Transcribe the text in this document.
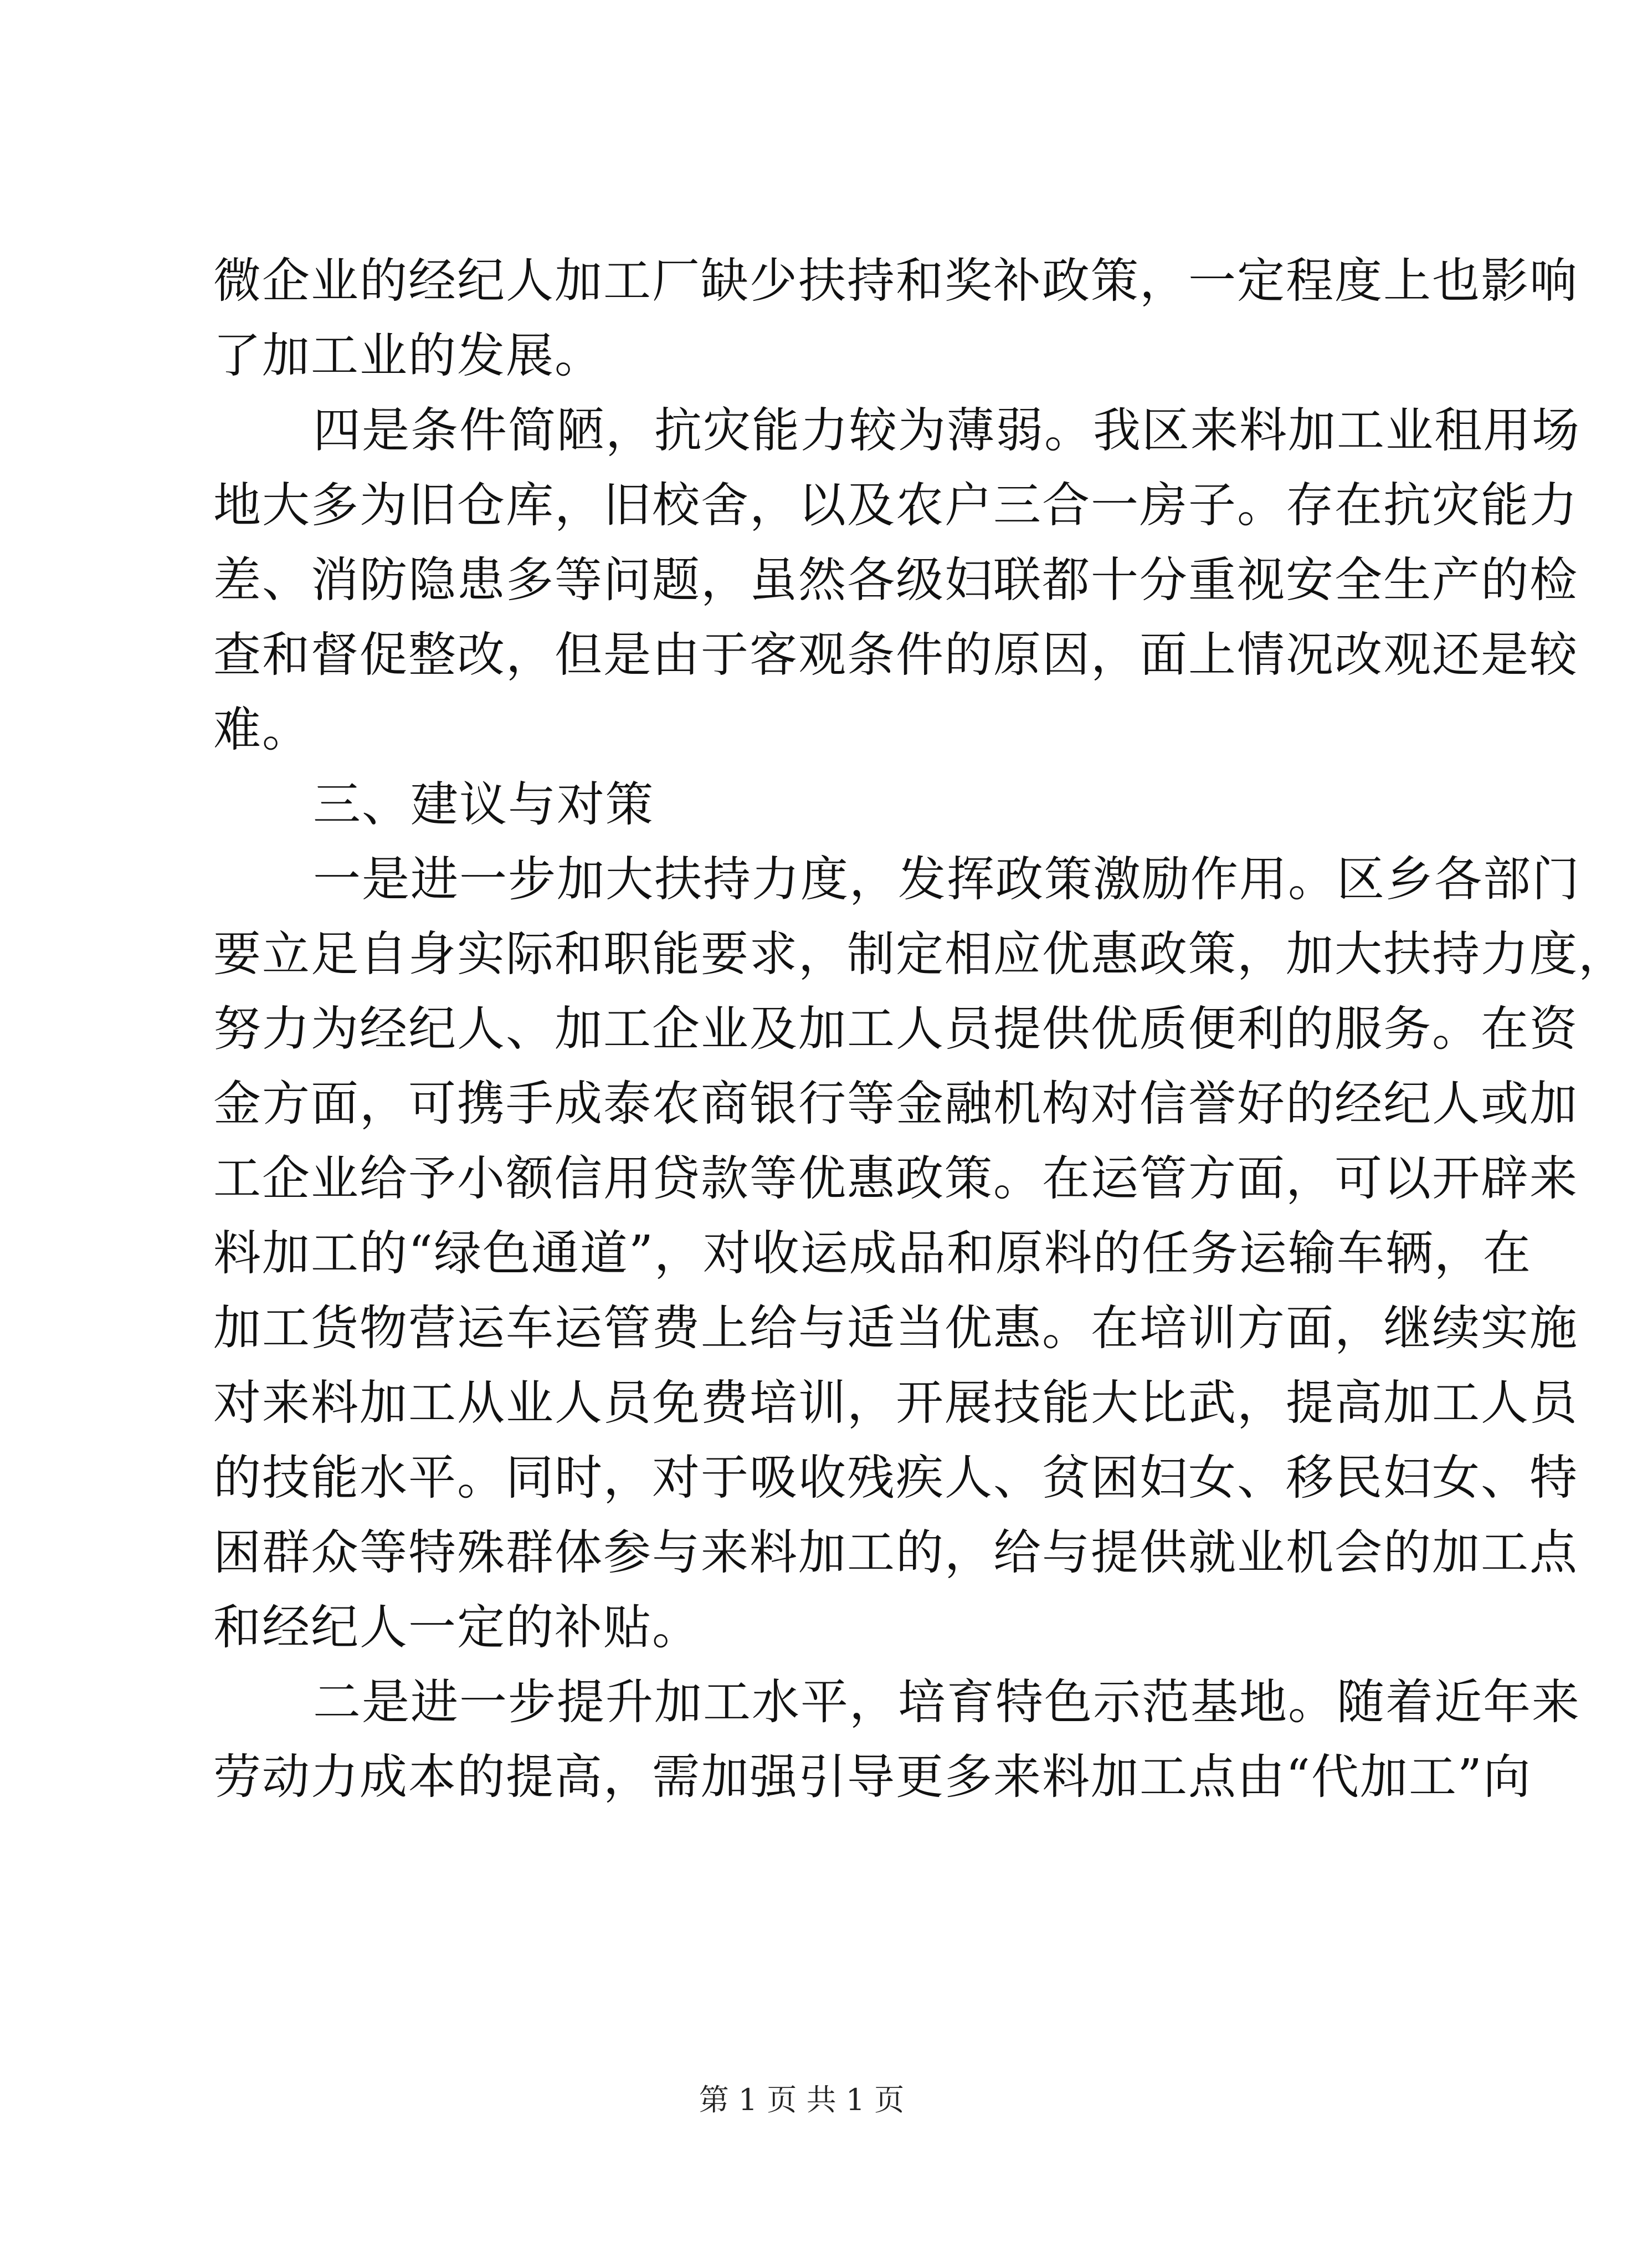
微企业的经纪人加工厂缺少扶持和奖补政策，一定程度上也影响
了加工业的发展。
四是条件简陋，抗灾能力较为薄弱。我区来料加工业租用场
地大多为旧仓库，旧校舍，以及农户三合一房子。存在抗灾能力
差、消防隐患多等问题，虽然各级妇联都十分重视安全生产的检
查和督促整改，但是由于客观条件的原因，面上情况改观还是较
难。
三、建议与对策
一是进一步加大扶持力度，发挥政策激励作用。区乡各部门
要立足自身实际和职能要求，制定相应优惠政策，加大扶持力度，
努力为经纪人、加工企业及加工人员提供优质便利的服务。在资
金方面，可携手成泰农商银行等金融机构对信誉好的经纪人或加
工企业给予小额信用贷款等优惠政策。在运管方面，可以开辟来
料加工的“绿色通道”，对收运成品和原料的任务运输车辆，在
加工货物营运车运管费上给与适当优惠。在培训方面，继续实施
对来料加工从业人员免费培训，开展技能大比武，提高加工人员
的技能水平。同时，对于吸收残疾人、贫困妇女、移民妇女、特
困群众等特殊群体参与来料加工的，给与提供就业机会的加工点
和经纪人一定的补贴。
二是进一步提升加工水平，培育特色示范基地。随着近年来
劳动力成本的提高，需加强引导更多来料加工点由“代加工”向
第 1 页 共 1 页
